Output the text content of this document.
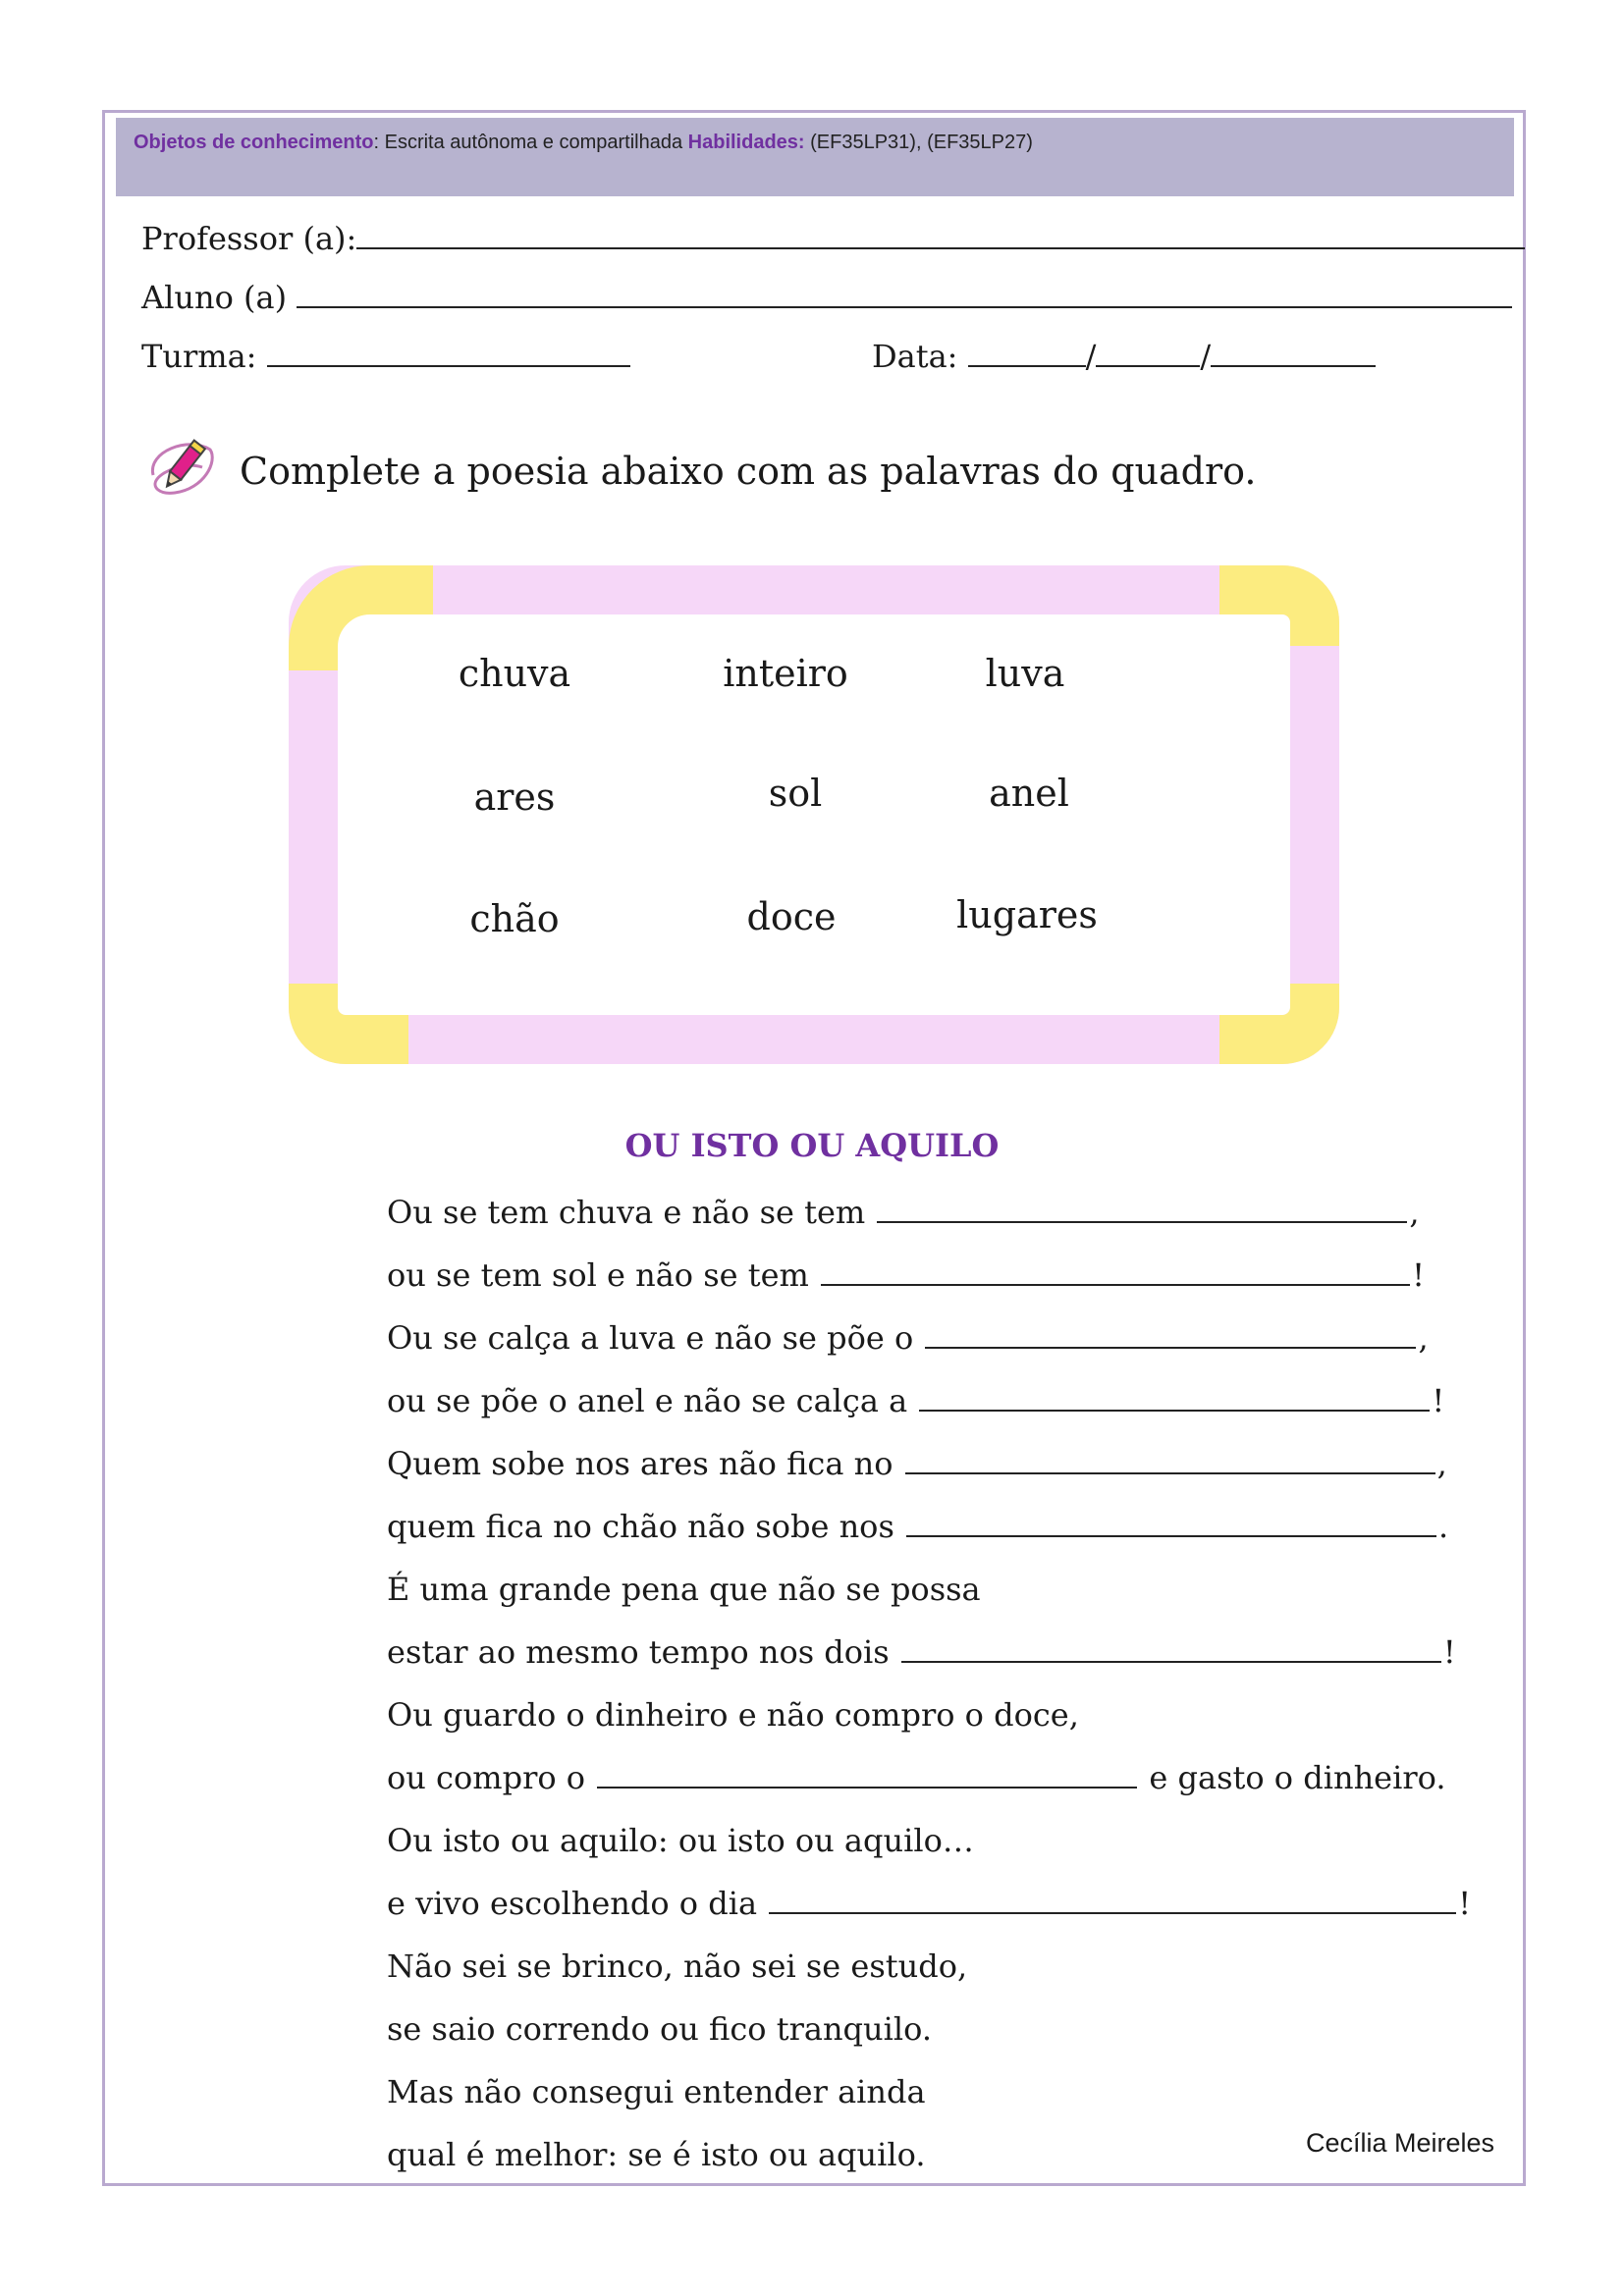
Objetos de conhecimento: Escrita autônoma e compartilhada Habilidades: (EF35LP31), (EF35LP27)
Professor (a):
Aluno (a)
Turma:	Data:	/	/
Complete a poesia abaixo com as palavras do quadro.
chuva	inteiro	luva
ares	sol	anel
chão	doce	lugares
OU ISTO OU AQUILO
Ou se tem chuva e não se tem	,
ou se tem sol e não se tem	!
Ou se calça a luva e não se põe o	,
ou se põe o anel e não se calça a	!
Quem sobe nos ares não fica no	,
quem fica no chão não sobe nos	.
É uma grande pena que não se possa
estar ao mesmo tempo nos dois	!
Ou guardo o dinheiro e não compro o doce,
ou compro o	e gasto o dinheiro.
Ou isto ou aquilo: ou isto ou aquilo…
e vivo escolhendo o dia	!
Não sei se brinco, não sei se estudo,
se saio correndo ou fico tranquilo.
Mas não consegui entender ainda
qual é melhor: se é isto ou aquilo.	Cecília Meireles
